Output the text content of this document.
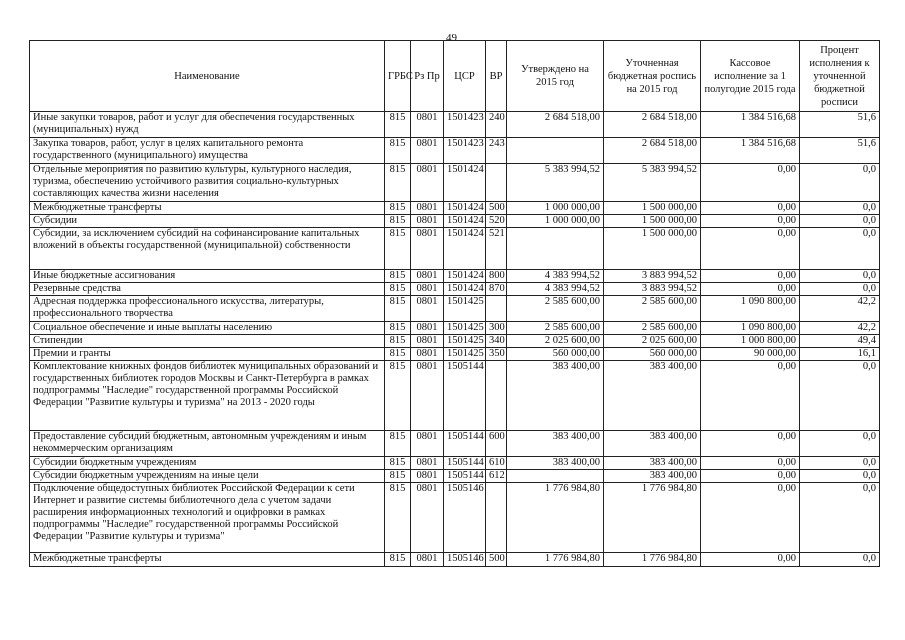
49
Наименование	ГРБС	Рз Пр	ЦСР	ВР	Утверждено на 2015 год	Уточненная бюджетная роспись на 2015 год	Кассовое исполнение за 1 полугодие 2015 года	Процент исполнения к уточненной бюджетной росписи
Иные закупки товаров, работ и услуг для обеспечения государственных (муниципальных) нужд	815	0801	1501423	240	2 684 518,00	2 684 518,00	1 384 516,68	51,6
Закупка товаров, работ, услуг в целях капитального ремонта государственного (муниципального) имущества	815	0801	1501423	243		2 684 518,00	1 384 516,68	51,6
Отдельные мероприятия по развитию культуры, культурного наследия, туризма, обеспечению устойчивого развития социально-культурных составляющих качества жизни населения	815	0801	1501424		5 383 994,52	5 383 994,52	0,00	0,0
Межбюджетные трансферты	815	0801	1501424	500	1 000 000,00	1 500 000,00	0,00	0,0
Субсидии	815	0801	1501424	520	1 000 000,00	1 500 000,00	0,00	0,0
Субсидии, за исключением субсидий на софинансирование капитальных вложений в объекты государственной (муниципальной) собственности	815	0801	1501424	521		1 500 000,00	0,00	0,0
Иные бюджетные ассигнования	815	0801	1501424	800	4 383 994,52	3 883 994,52	0,00	0,0
Резервные средства	815	0801	1501424	870	4 383 994,52	3 883 994,52	0,00	0,0
Адресная поддержка профессионального искусства, литературы, профессионального творчества	815	0801	1501425		2 585 600,00	2 585 600,00	1 090 800,00	42,2
Социальное обеспечение и иные выплаты населению	815	0801	1501425	300	2 585 600,00	2 585 600,00	1 090 800,00	42,2
Стипендии	815	0801	1501425	340	2 025 600,00	2 025 600,00	1 000 800,00	49,4
Премии и гранты	815	0801	1501425	350	560 000,00	560 000,00	90 000,00	16,1
Комплектование книжных фондов библиотек муниципальных образований и государственных библиотек городов Москвы и Санкт-Петербурга в рамках подпрограммы "Наследие" государственной программы Российской Федерации "Развитие культуры и туризма" на 2013 - 2020 годы	815	0801	1505144		383 400,00	383 400,00	0,00	0,0
Предоставление субсидий бюджетным, автономным учреждениям и иным некоммерческим организациям	815	0801	1505144	600	383 400,00	383 400,00	0,00	0,0
Субсидии бюджетным учреждениям	815	0801	1505144	610	383 400,00	383 400,00	0,00	0,0
Субсидии бюджетным учреждениям на иные цели	815	0801	1505144	612		383 400,00	0,00	0,0
Подключение общедоступных библиотек Российской Федерации к сети Интернет и развитие системы библиотечного дела с учетом задачи расширения информационных технологий и оцифровки в рамках подпрограммы "Наследие" государственной программы Российской Федерации "Развитие культуры и туризма"	815	0801	1505146		1 776 984,80	1 776 984,80	0,00	0,0
Межбюджетные трансферты	815	0801	1505146	500	1 776 984,80	1 776 984,80	0,00	0,0
